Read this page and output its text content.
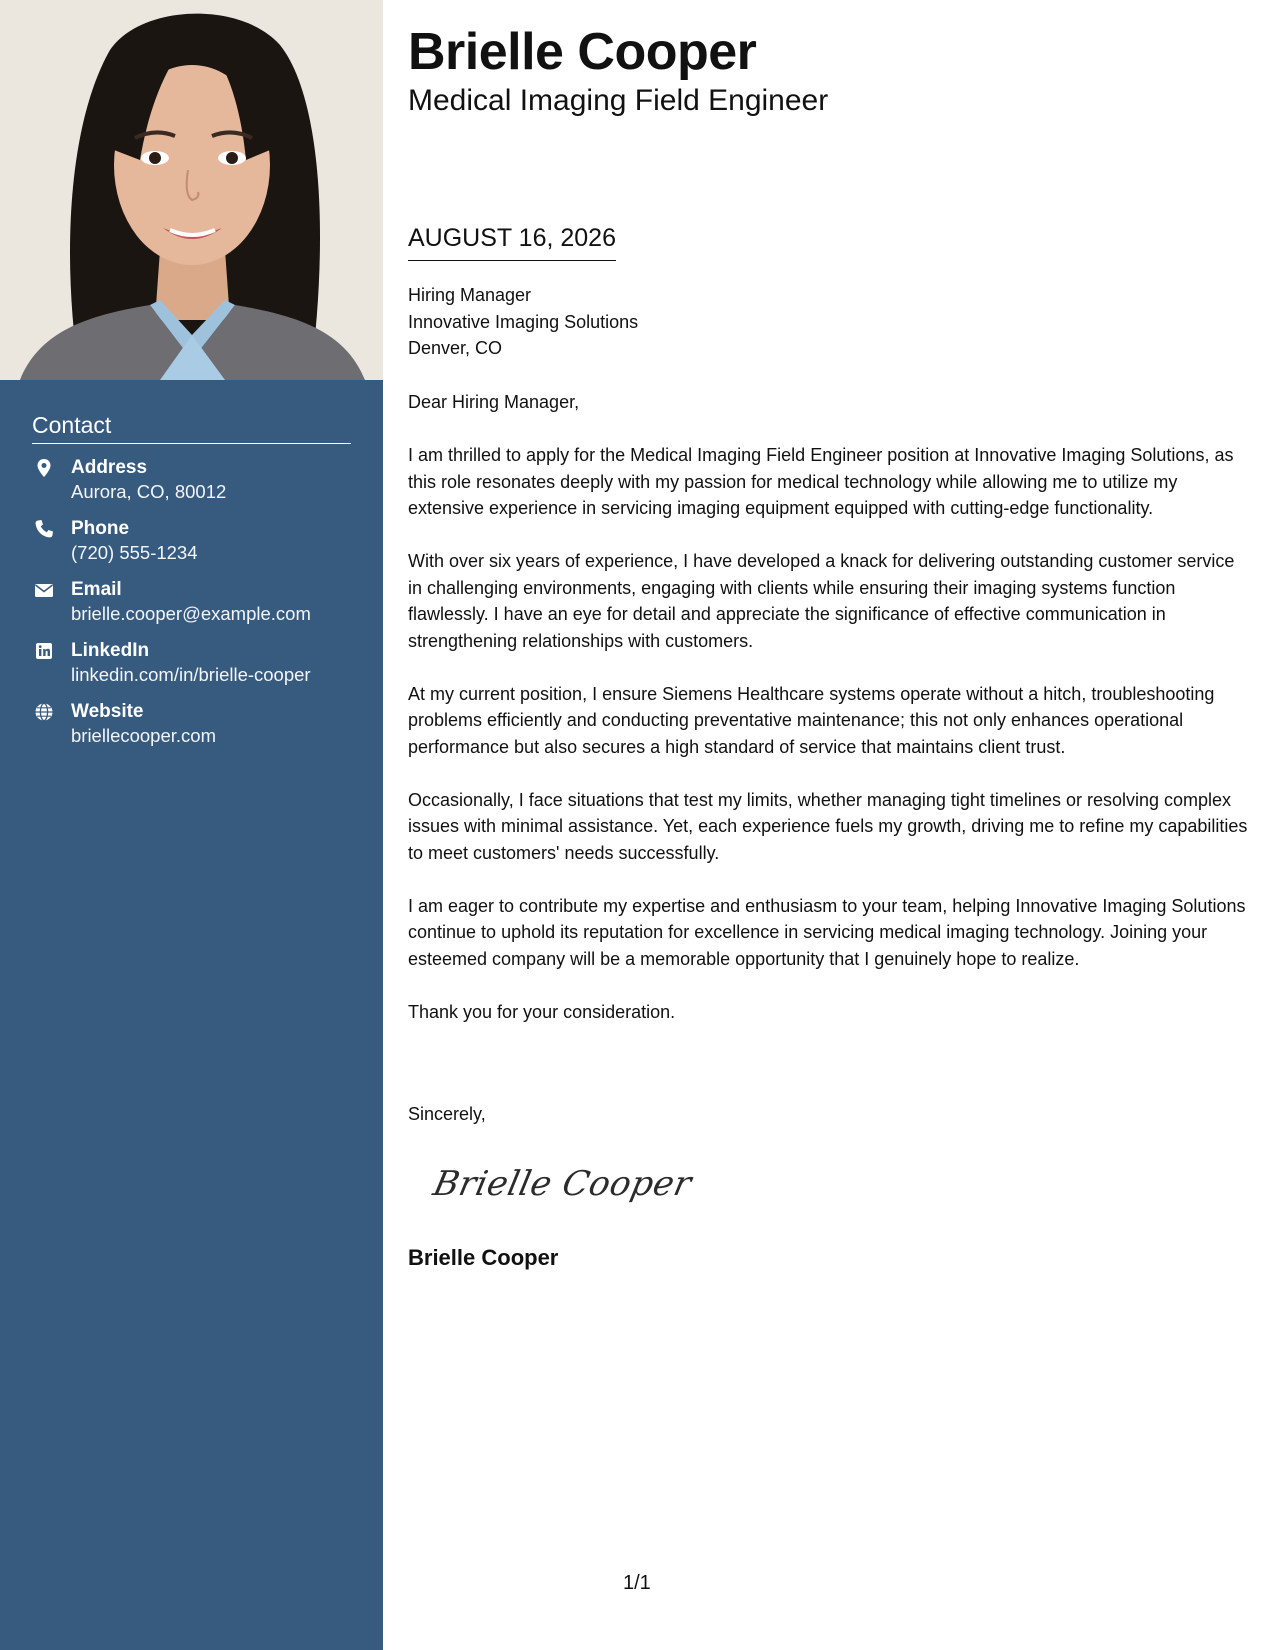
Contact
Address
Aurora, CO, 80012
Phone
(720) 555-1234
Email
brielle.cooper@example.com
LinkedIn
linkedin.com/in/brielle-cooper
Website
briellecooper.com
Brielle Cooper
Medical Imaging Field Engineer
AUGUST 16, 2026
Hiring Manager
Innovative Imaging Solutions
Denver, CO

Dear Hiring Manager,

I am thrilled to apply for the Medical Imaging Field Engineer position at Innovative Imaging Solutions, as this role resonates deeply with my passion for medical technology while allowing me to utilize my extensive experience in servicing imaging equipment equipped with cutting-edge functionality.

With over six years of experience, I have developed a knack for delivering outstanding customer service in challenging environments, engaging with clients while ensuring their imaging systems function flawlessly. I have an eye for detail and appreciate the significance of effective communication in strengthening relationships with customers.

At my current position, I ensure Siemens Healthcare systems operate without a hitch, troubleshooting problems efficiently and conducting preventative maintenance; this not only enhances operational performance but also secures a high standard of service that maintains client trust.

Occasionally, I face situations that test my limits, whether managing tight timelines or resolving complex issues with minimal assistance. Yet, each experience fuels my growth, driving me to refine my capabilities to meet customers' needs successfully.

I am eager to contribute my expertise and enthusiasm to your team, helping Innovative Imaging Solutions continue to uphold its reputation for excellence in servicing medical imaging technology. Joining your esteemed company will be a memorable opportunity that I genuinely hope to realize.

Thank you for your consideration.

Sincerely,
Brielle Cooper
Brielle Cooper
1/1
